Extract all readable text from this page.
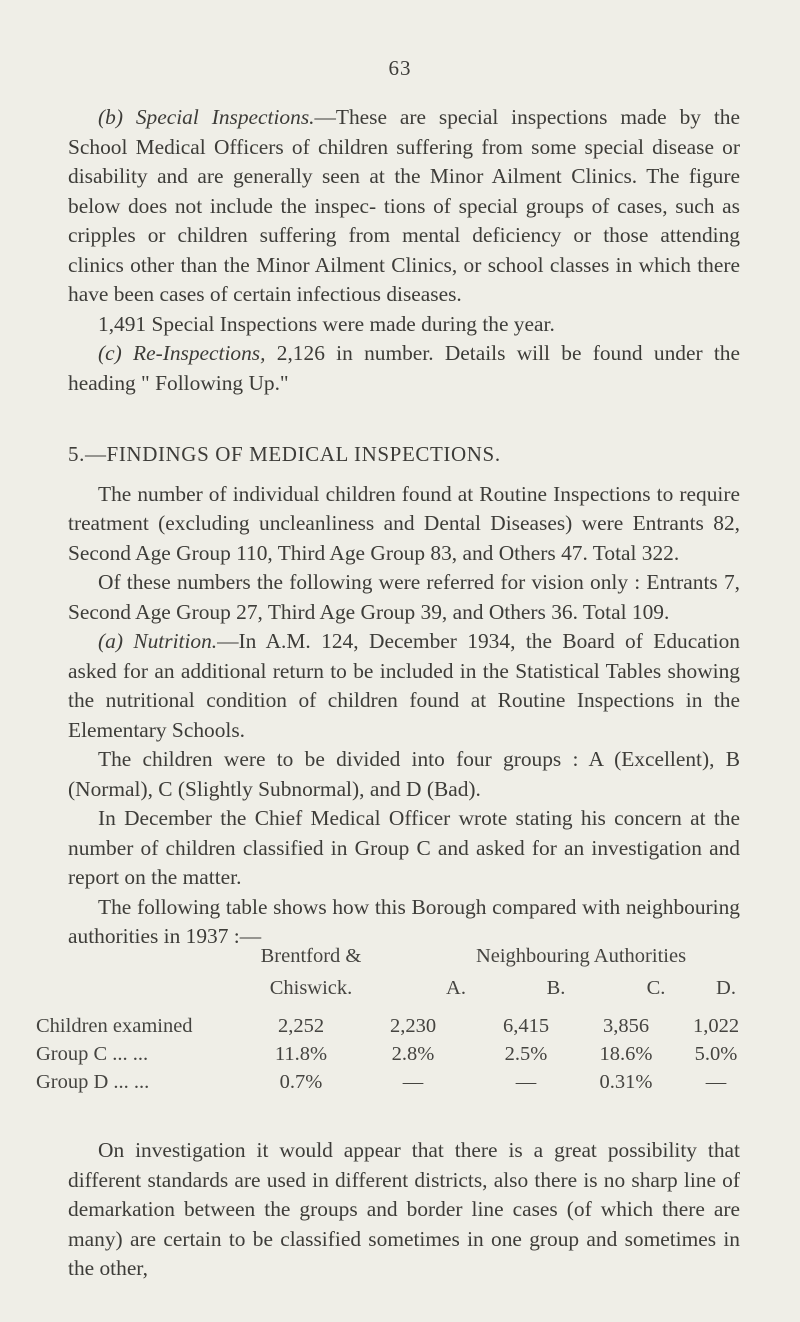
63

(b) Special Inspections.—These are special inspections made by the School Medical Officers of children suffering from some special disease or disability and are generally seen at the Minor Ailment Clinics. The figure below does not include the inspec- tions of special groups of cases, such as cripples or children suffering from mental deficiency or those attending clinics other than the Minor Ailment Clinics, or school classes in which there have been cases of certain infectious diseases.

1,491 Special Inspections were made during the year.

(c) Re-Inspections, 2,126 in number. Details will be found under the heading " Following Up."

5.—FINDINGS OF MEDICAL INSPECTIONS.

The number of individual children found at Routine Inspections to require treatment (excluding uncleanliness and Dental Diseases) were Entrants 82, Second Age Group 110, Third Age Group 83, and Others 47. Total 322.

Of these numbers the following were referred for vision only : Entrants 7, Second Age Group 27, Third Age Group 39, and Others 36. Total 109.

(a) Nutrition.—In A.M. 124, December 1934, the Board of Education asked for an additional return to be included in the Statistical Tables showing the nutritional condition of children found at Routine Inspections in the Elementary Schools.

The children were to be divided into four groups : A (Excellent), B (Normal), C (Slightly Subnormal), and D (Bad).

In December the Chief Medical Officer wrote stating his concern at the number of children classified in Group C and asked for an investigation and report on the matter.

The following table shows how this Borough compared with neighbouring authorities in 1937 :—

Brentford &	Neighbouring Authorities
Chiswick.	A.	B.	C.	D.
Children examined	2,252	2,230	6,415	3,856	1,022
Group C ... ...	11.8%	2.8%	2.5%	18.6%	5.0%
Group D ... ...	0.7%	—	—	0.31%	—

On investigation it would appear that there is a great possibility that different standards are used in different districts, also there is no sharp line of demarkation between the groups and border line cases (of which there are many) are certain to be classified sometimes in one group and sometimes in the other,
